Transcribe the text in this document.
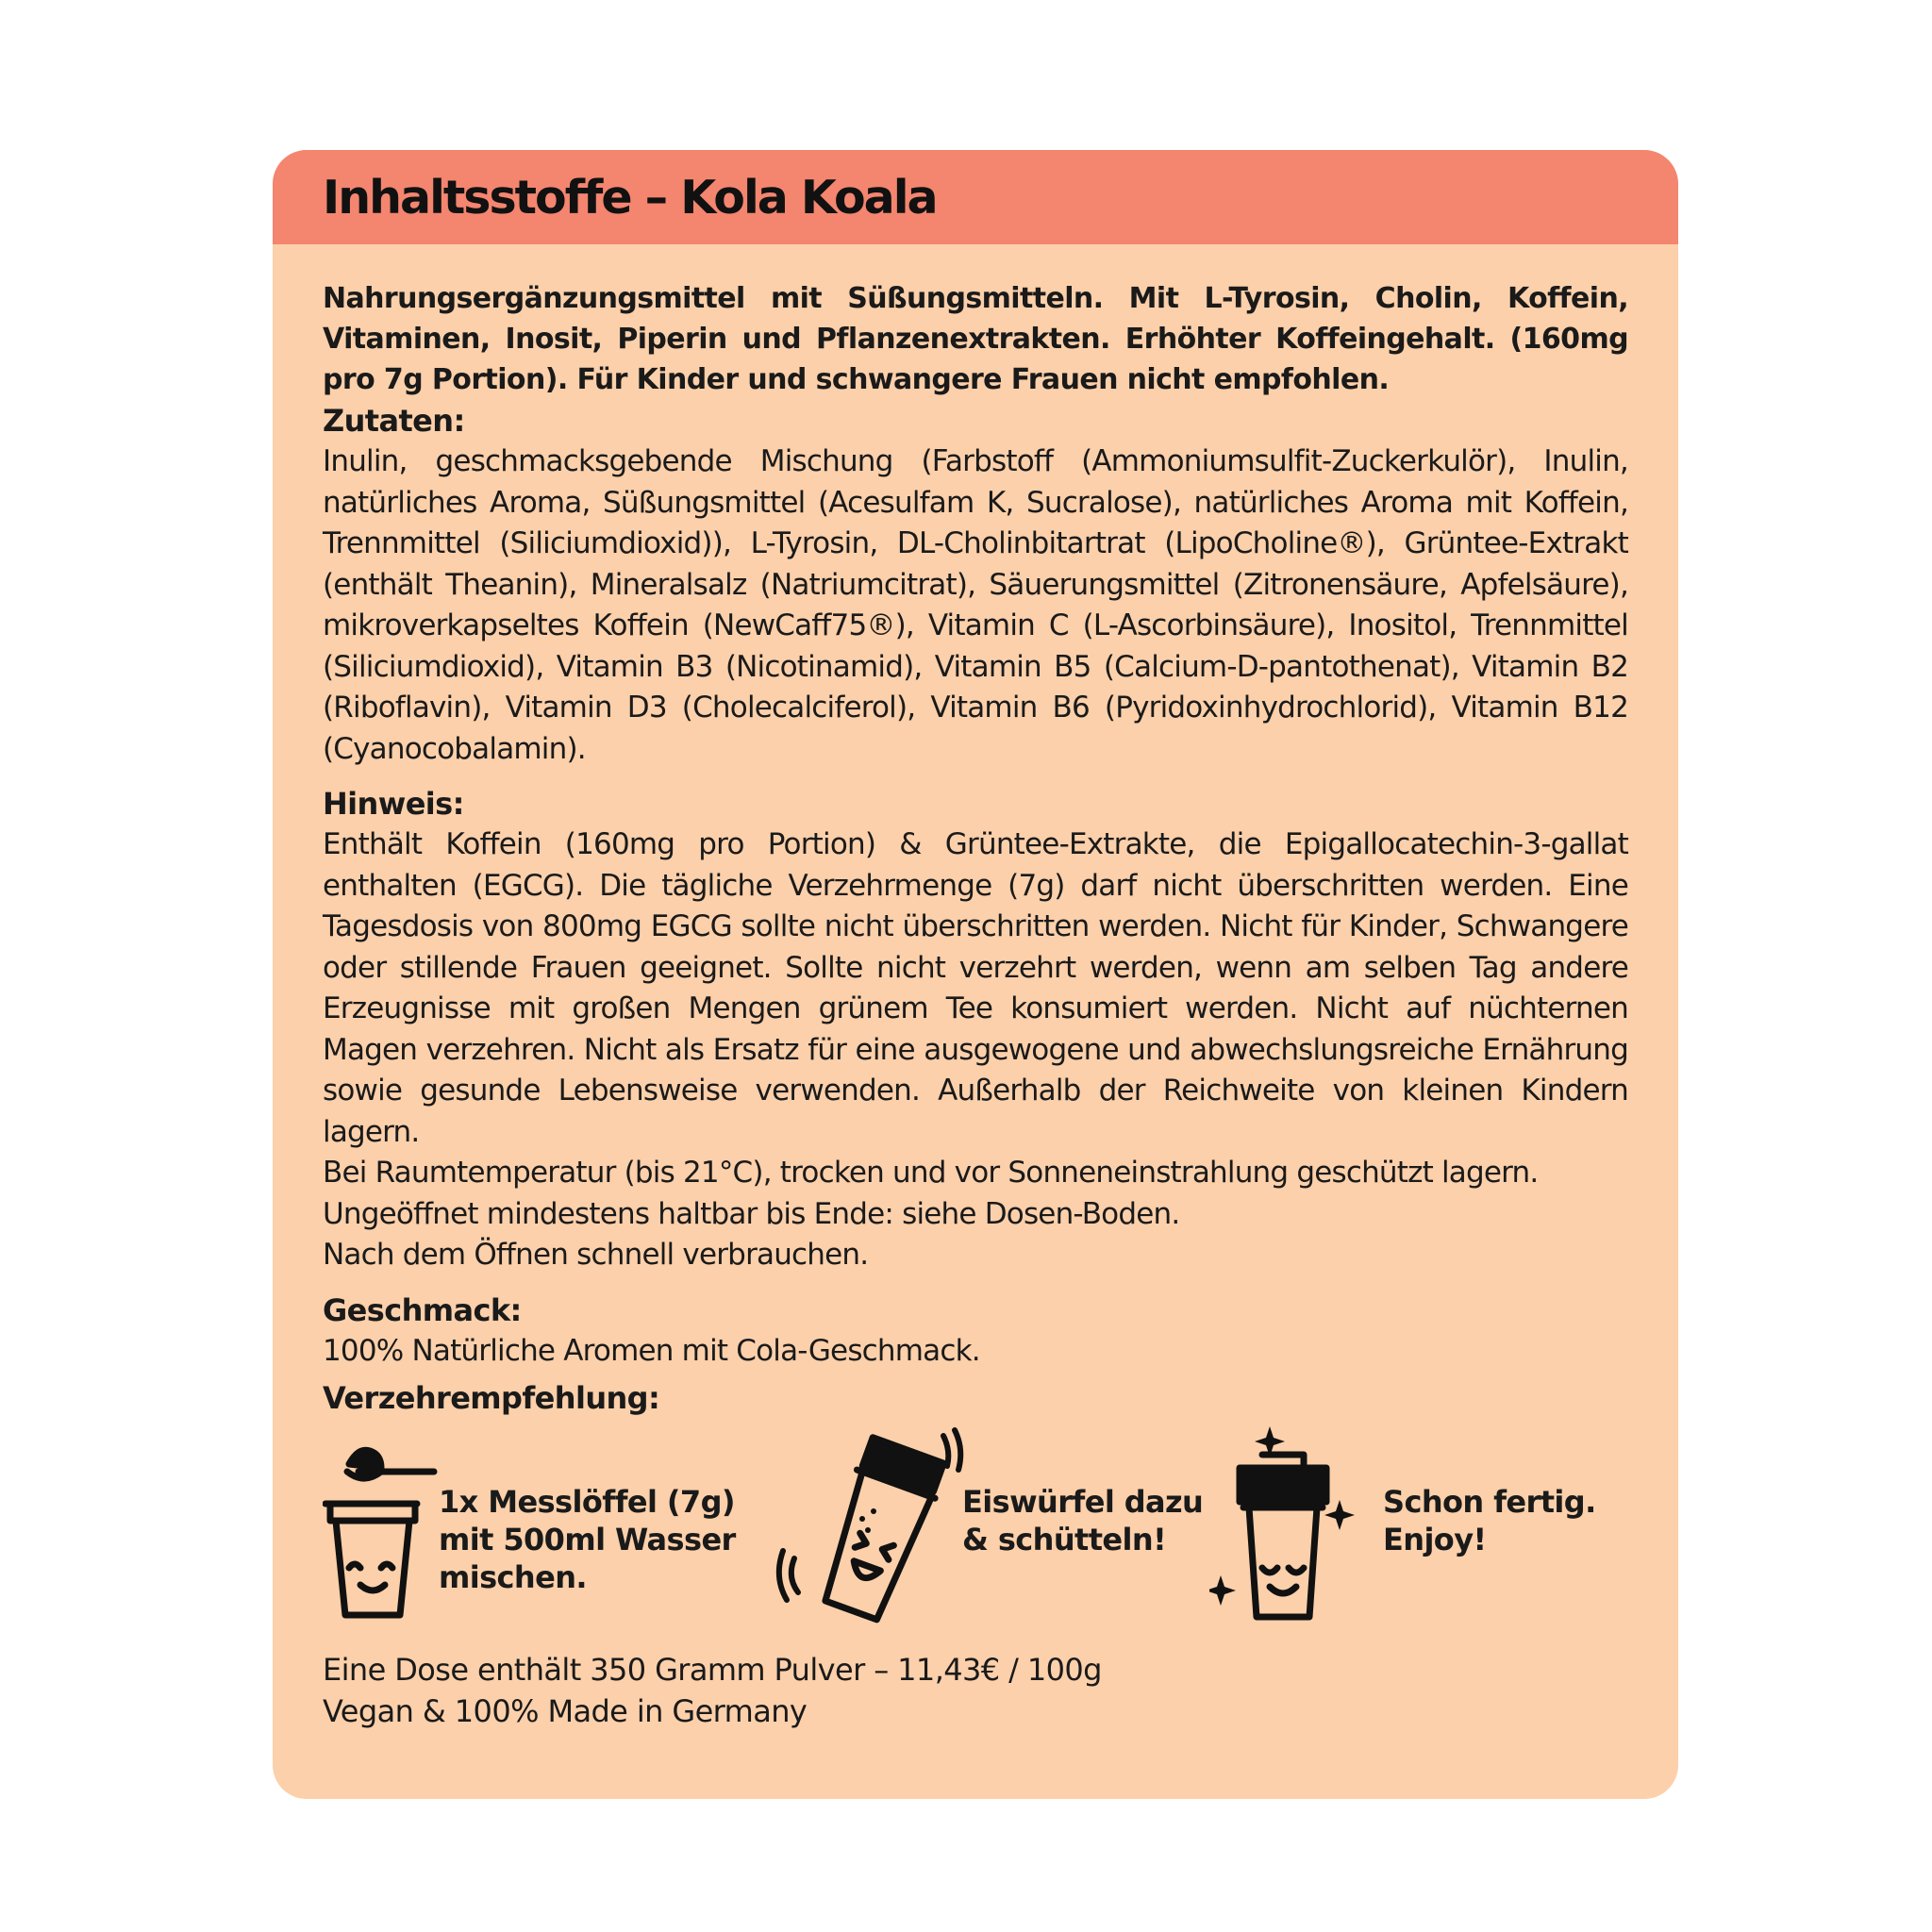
Inhaltsstoffe – Kola Koala

Nahrungsergänzungsmittel mit Süßungsmitteln. Mit L-Tyrosin, Cholin, Koffein, Vitaminen, Inosit, Piperin und Pflanzenextrakten. Erhöhter Koffeingehalt. (160mg pro 7g Portion). Für Kinder und schwangere Frauen nicht empfohlen.

Zutaten:

Inulin, geschmacksgebende Mischung (Farbstoff (Ammoniumsulfit-Zuckerkulör), Inulin, natürliches Aroma, Süßungsmittel (Acesulfam K, Sucralose), natürliches Aroma mit Koffein, Trennmittel (Siliciumdioxid)), L-Tyrosin, DL-Cholinbitartrat (LipoCholine®), Grüntee-Extrakt (enthält Theanin), Mineralsalz (Natriumcitrat), Säuerungsmittel (Zitronensäure, Apfelsäure), mikroverkapseltes Koffein (NewCaff75®), Vitamin C (L-Ascorbinsäure), Inositol, Trennmittel (Siliciumdioxid), Vitamin B3 (Nicotinamid), Vitamin B5 (Calcium-D-pantothenat), Vitamin B2 (Riboflavin), Vitamin D3 (Cholecalciferol), Vitamin B6 (Pyridoxinhydrochlorid), Vitamin B12 (Cyanocobalamin).

Hinweis:

Enthält Koffein (160mg pro Portion) & Grüntee-Extrakte, die Epigallocatechin-3-gallat enthalten (EGCG). Die tägliche Verzehrmenge (7g) darf nicht überschritten werden. Eine Tagesdosis von 800mg EGCG sollte nicht überschritten werden. Nicht für Kinder, Schwangere oder stillende Frauen geeignet. Sollte nicht verzehrt werden, wenn am selben Tag andere Erzeugnisse mit großen Mengen grünem Tee konsumiert werden. Nicht auf nüchternen Magen verzehren. Nicht als Ersatz für eine ausgewogene und abwechslungsreiche Ernährung sowie gesunde Lebensweise verwenden. Außerhalb der Reichweite von kleinen Kindern lagern.

Bei Raumtemperatur (bis 21°C), trocken und vor Sonneneinstrahlung geschützt lagern.

Ungeöffnet mindestens haltbar bis Ende: siehe Dosen-Boden.

Nach dem Öffnen schnell verbrauchen.

Geschmack:

100% Natürliche Aromen mit Cola-Geschmack.

Verzehrempfehlung:
1x Messlöffel (7g)
mit 500ml Wasser
mischen.
Eiswürfel dazu
& schütteln!
Schon fertig.
Enjoy!

Eine Dose enthält 350 Gramm Pulver – 11,43€ / 100g

Vegan & 100% Made in Germany
